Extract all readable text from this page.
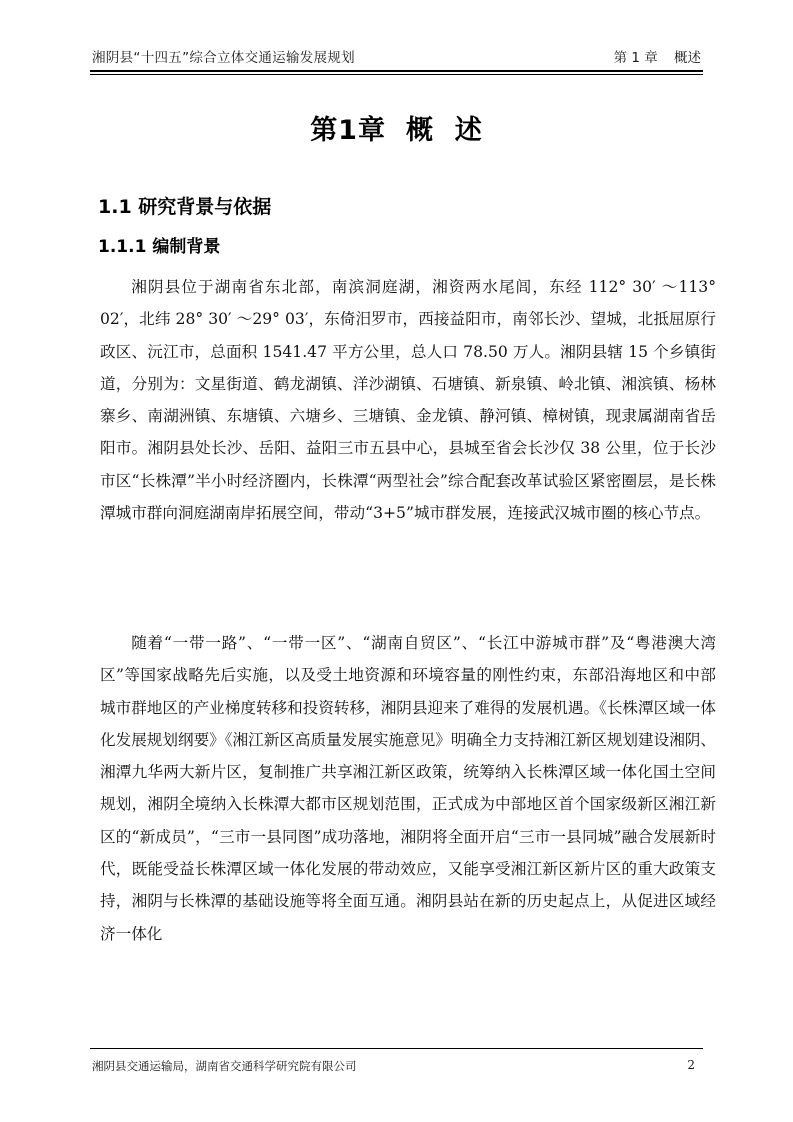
湘阴县“十四五”综合立体交通运输发展规划	第 1 章 概述
第1章 概  述
1.1 研究背景与依据
1.1.1 编制背景

湘阴县位于湖南省东北部，南滨洞庭湖，湘资两水尾闾，东经 112° 30′ ～113° 02′，北纬 28° 30′ ～29° 03′，东倚汨罗市，西接益阳市，南邻长沙、望城，北抵屈原行政区、沅江市，总面积 1541.47 平方公里，总人口 78.50 万人。湘阴县辖 15 个乡镇街道，分别为：文星街道、鹤龙湖镇、洋沙湖镇、石塘镇、新泉镇、岭北镇、湘滨镇、杨林寨乡、南湖洲镇、东塘镇、六塘乡、三塘镇、金龙镇、静河镇、樟树镇，现隶属湖南省岳阳市。湘阴县处长沙、岳阳、益阳三市五县中心，县城至省会长沙仅 38 公里，位于长沙市区“长株潭”半小时经济圈内，长株潭“两型社会”综合配套改革试验区紧密圈层，是长株潭城市群向洞庭湖南岸拓展空间，带动“3+5”城市群发展，连接武汉城市圈的核心节点。

随着“一带一路”、“一带一区”、“湖南自贸区”、“长江中游城市群”及“粤港澳大湾区”等国家战略先后实施，以及受土地资源和环境容量的刚性约束，东部沿海地区和中部城市群地区的产业梯度转移和投资转移，湘阴县迎来了难得的发展机遇。《长株潭区域一体化发展规划纲要》《湘江新区高质量发展实施意见》明确全力支持湘江新区规划建设湘阴、湘潭九华两大新片区，复制推广共享湘江新区政策，统筹纳入长株潭区域一体化国土空间规划，湘阴全境纳入长株潭大都市区规划范围，正式成为中部地区首个国家级新区湘江新区的“新成员”，“三市一县同图”成功落地，湘阴将全面开启“三市一县同城”融合发展新时代，既能受益长株潭区域一体化发展的带动效应，又能享受湘江新区新片区的重大政策支持，湘阴与长株潭的基础设施等将全面互通。湘阴县站在新的历史起点上，从促进区域经济一体化

湘阴县交通运输局，湖南省交通科学研究院有限公司	2
